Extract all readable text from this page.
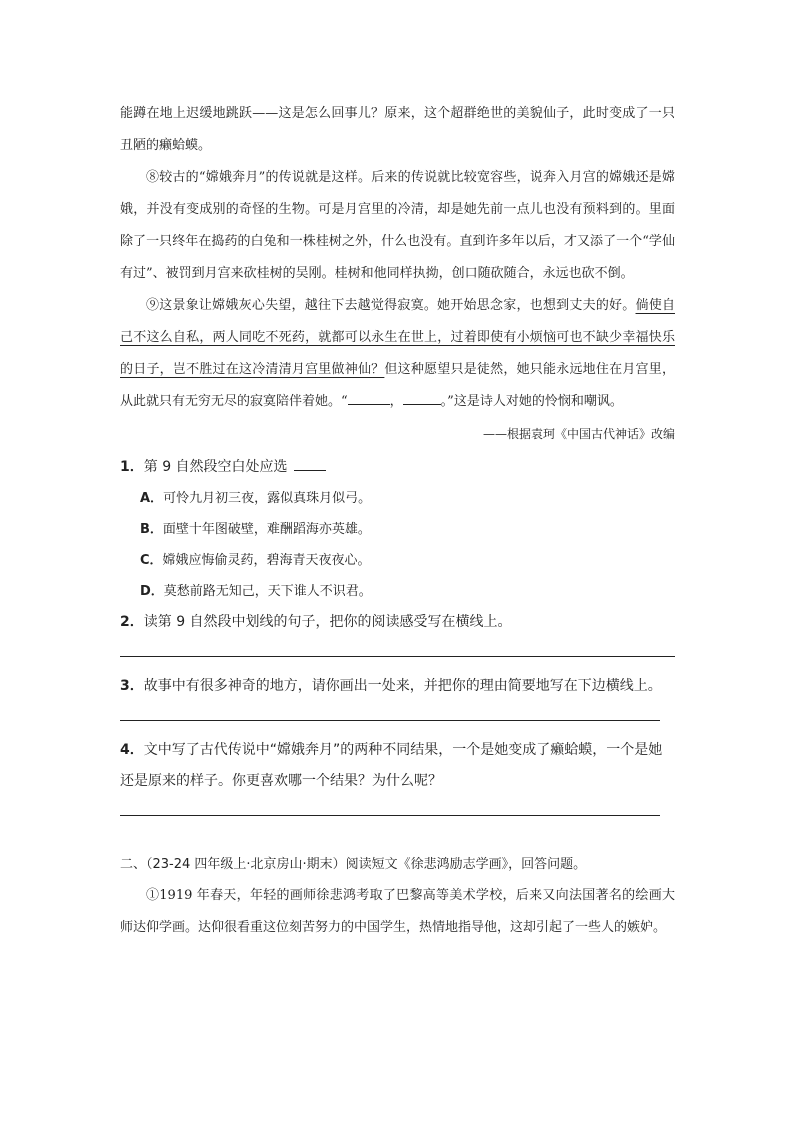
能蹲在地上迟缓地跳跃——这是怎么回事儿？原来，这个超群绝世的美貌仙子，此时变成了一只丑陋的癞蛤蟆。

⑧较古的“嫦娥奔月”的传说就是这样。后来的传说就比较宽容些，说奔入月宫的嫦娥还是嫦娥，并没有变成别的奇怪的生物。可是月宫里的冷清，却是她先前一点儿也没有预料到的。里面除了一只终年在捣药的白兔和一株桂树之外，什么也没有。直到许多年以后，才又添了一个“学仙有过”、被罚到月宫来砍桂树的吴刚。桂树和他同样执拗，创口随砍随合，永远也砍不倒。

⑨这景象让嫦娥灰心失望，越往下去越觉得寂寞。她开始思念家，也想到丈夫的好。倘使自己不这么自私，两人同吃不死药，就都可以永生在世上，过着即使有小烦恼可也不缺少幸福快乐的日子，岂不胜过在这冷清清月宫里做神仙？但这种愿望只是徒然，她只能永远地住在月宫里，从此就只有无穷无尽的寂寞陪伴着她。“	，	。”这是诗人对她的怜悯和嘲讽。

——根据袁珂《中国古代神话》改编

1．第 9 自然段空白处应选

A．可怜九月初三夜，露似真珠月似弓。

B．面壁十年图破壁，难酬蹈海亦英雄。

C．嫦娥应悔偷灵药，碧海青天夜夜心。

D．莫愁前路无知己，天下谁人不识君。

2．读第 9 自然段中划线的句子，把你的阅读感受写在横线上。

3．故事中有很多神奇的地方，请你画出一处来，并把你的理由简要地写在下边横线上。

4．文中写了古代传说中“嫦娥奔月”的两种不同结果，一个是她变成了癞蛤蟆，一个是她还是原来的样子。你更喜欢哪一个结果？为什么呢？

二、（23-24 四年级上·北京房山·期末）阅读短文《徐悲鸿励志学画》，回答问题。

①1919 年春天，年轻的画师徐悲鸿考取了巴黎高等美术学校，后来又向法国著名的绘画大师达仰学画。达仰很看重这位刻苦努力的中国学生，热情地指导他，这却引起了一些人的嫉妒。
